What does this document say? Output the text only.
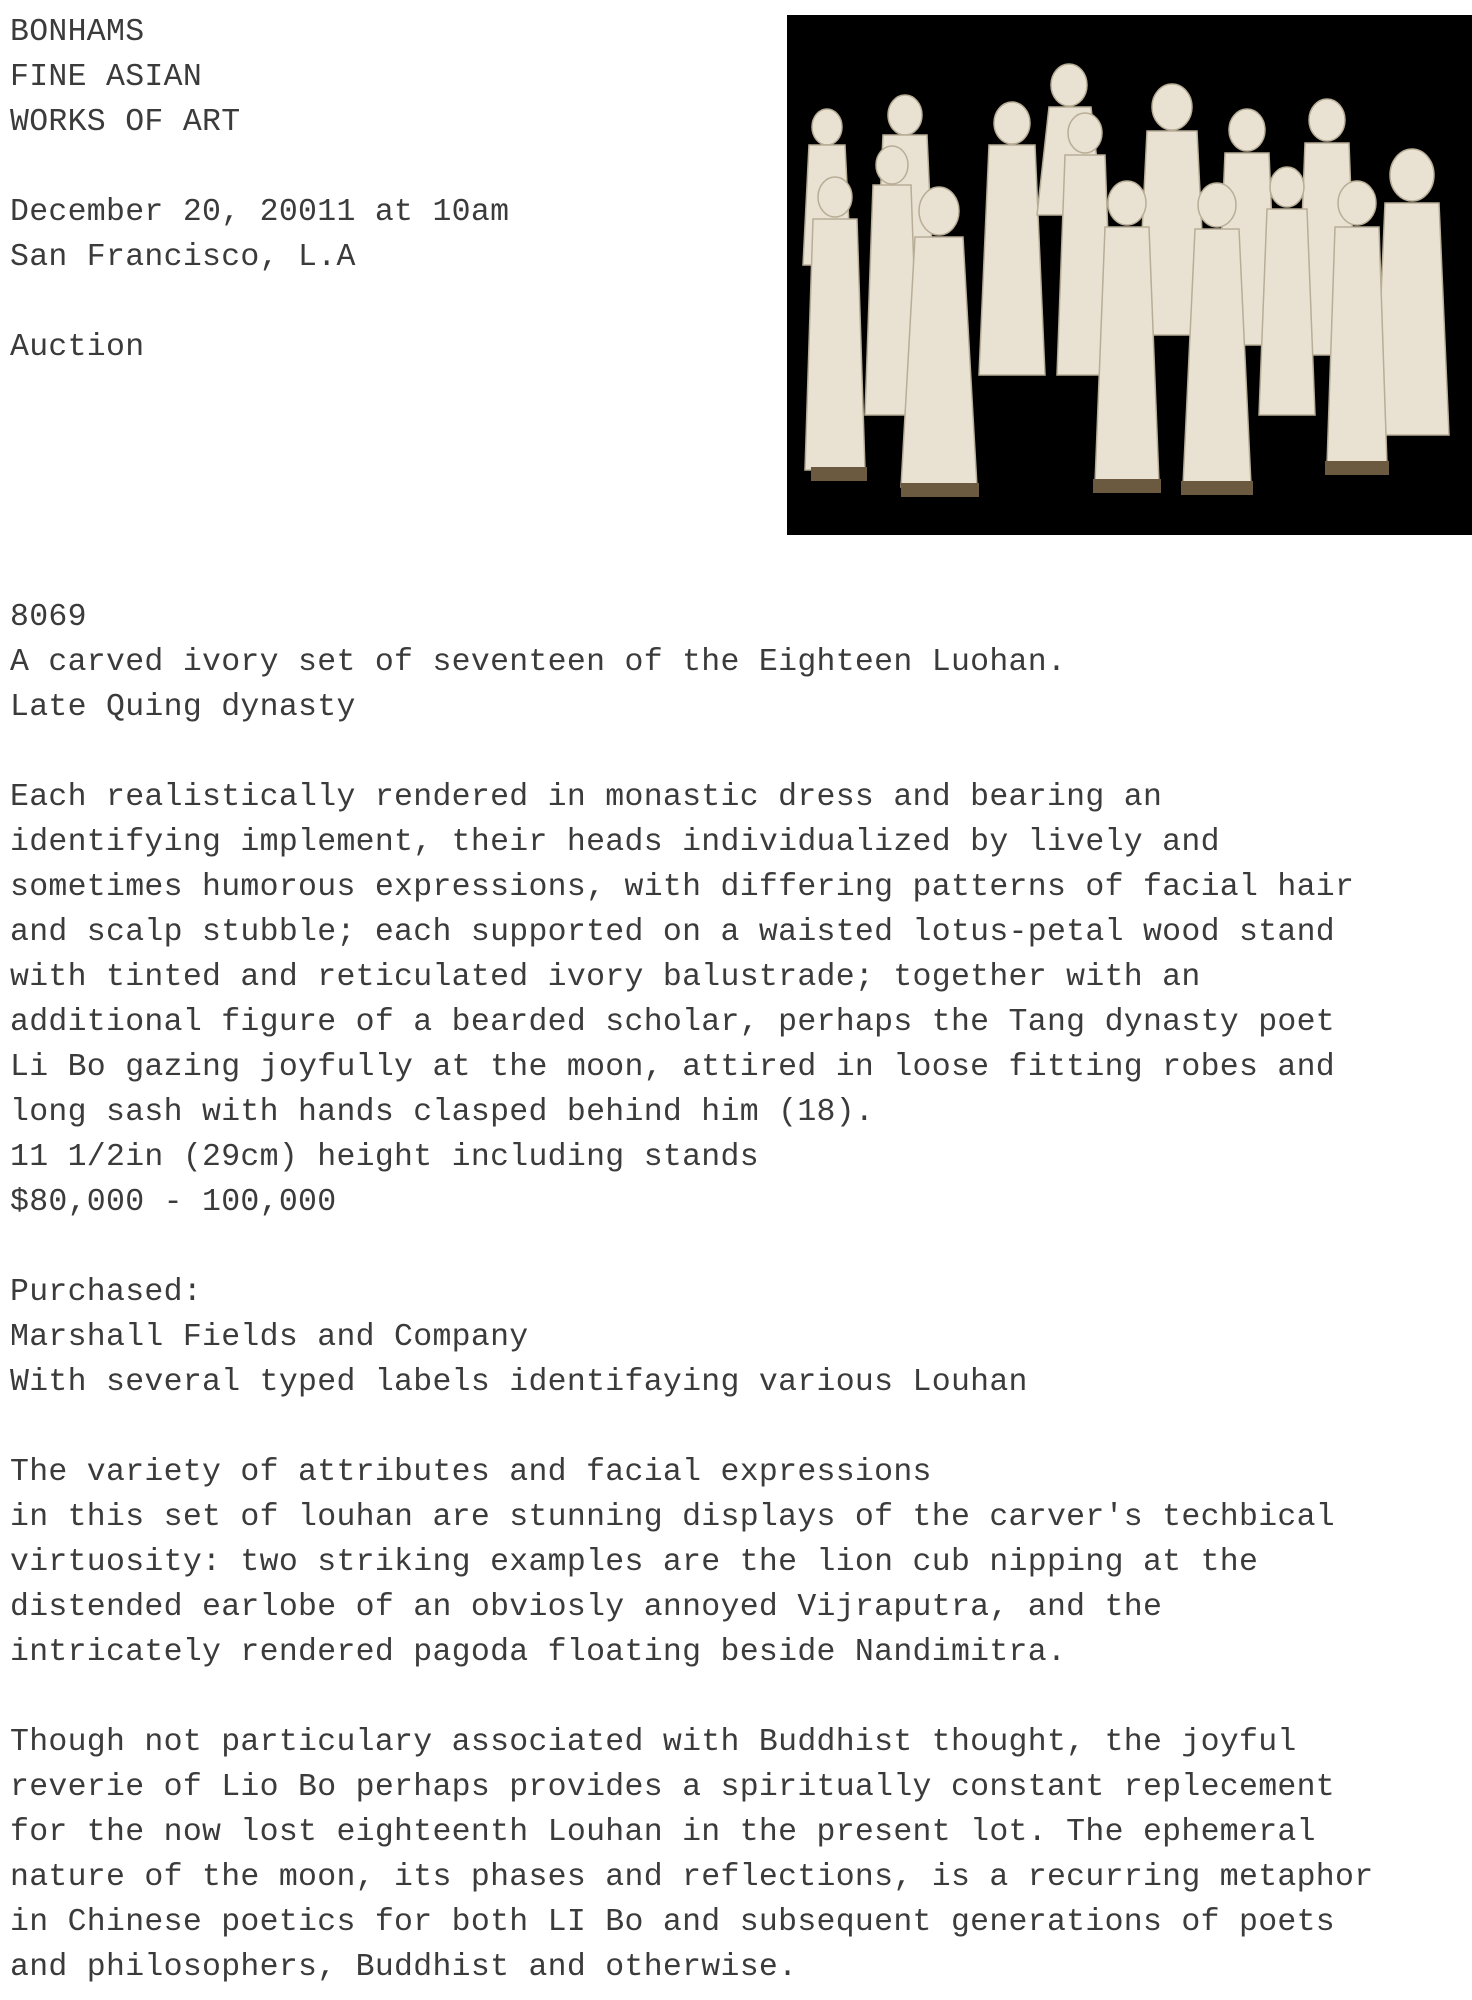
BONHAMS
FINE ASIAN
WORKS OF ART
December 20, 20011 at 10am
San Francisco, L.A
Auction
8069
A carved ivory set of seventeen of the Eighteen Luohan.
Late Quing dynasty
Each realistically rendered in monastic dress and bearing an
identifying implement, their heads individualized by lively and
sometimes humorous expressions, with differing patterns of facial hair
and scalp stubble; each supported on a waisted lotus-petal wood stand
with tinted and reticulated ivory balustrade; together with an
additional figure of a bearded scholar, perhaps the Tang dynasty poet
Li Bo gazing joyfully at the moon, attired in loose fitting robes and
long sash with hands clasped behind him (18).
11 1/2in (29cm) height including stands
$80,000 - 100,000
Purchased:
Marshall Fields and Company
With several typed labels identifaying various Louhan
The variety of attributes and facial expressions
in this set of louhan are stunning displays of the carver's techbical
virtuosity: two striking examples are the lion cub nipping at the
distended earlobe of an obviosly annoyed Vijraputra, and the
intricately rendered pagoda floating beside Nandimitra.
Though not particulary associated with Buddhist thought, the joyful
reverie of Lio Bo perhaps provides a spiritually constant replecement
for the now lost eighteenth Louhan in the present lot. The ephemeral
nature of the moon, its phases and reflections, is a recurring metaphor
in Chinese poetics for both LI Bo and subsequent generations of poets
and philosophers, Buddhist and otherwise.
